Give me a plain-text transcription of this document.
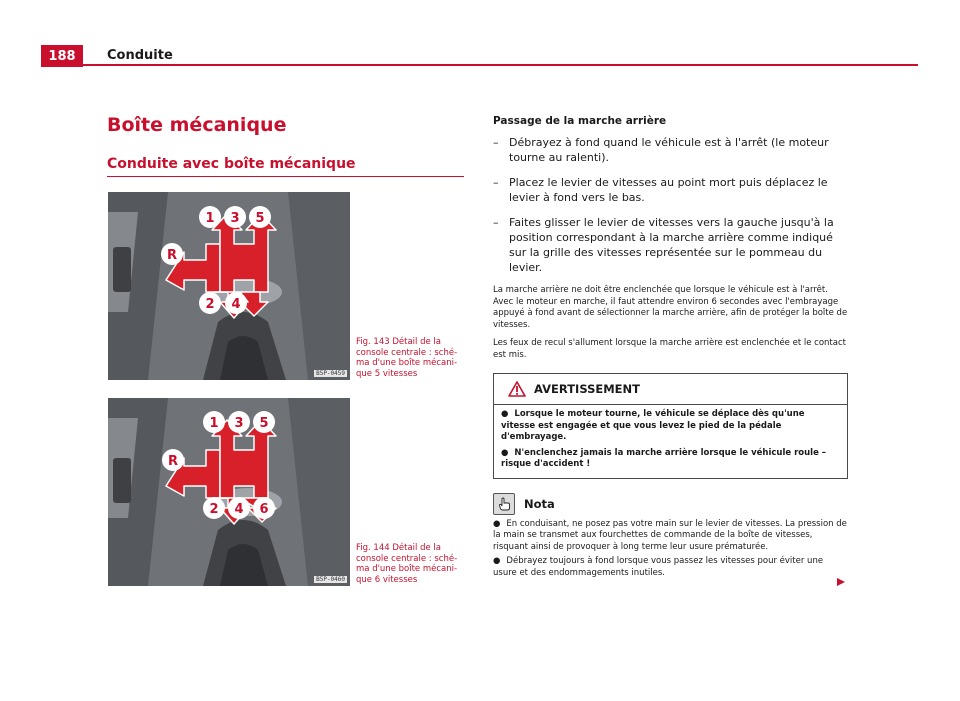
188	Conduite
Boîte mécanique
Conduite avec boîte mécanique
1 3 5
R
2 4
B5P-0459
Fig. 143 Détail de la console centrale : schéma d'une boîte mécanique 5 vitesses
1 3 5
R
2 4 6
B5P-0460
Fig. 144 Détail de la console centrale : schéma d'une boîte mécanique 6 vitesses
Passage de la marche arrière
– Débrayez à fond quand le véhicule est à l'arrêt (le moteur tourne au ralenti).
– Placez le levier de vitesses au point mort puis déplacez le levier à fond vers le bas.
– Faites glisser le levier de vitesses vers la gauche jusqu'à la position correspondant à la marche arrière comme indiqué sur la grille des vitesses représentée sur le pommeau du levier.

La marche arrière ne doit être enclenchée que lorsque le véhicule est à l'arrêt. Avec le moteur en marche, il faut attendre environ 6 secondes avec l'embrayage appuyé à fond avant de sélectionner la marche arrière, afin de protéger la boîte de vitesses.

Les feux de recul s'allument lorsque la marche arrière est enclenchée et le contact est mis.

AVERTISSEMENT

● Lorsque le moteur tourne, le véhicule se déplace dès qu'une vitesse est engagée et que vous levez le pied de la pédale d'embrayage.

● N'enclenchez jamais la marche arrière lorsque le véhicule roule – risque d'accident !

Nota

● En conduisant, ne posez pas votre main sur le levier de vitesses. La pression de la main se transmet aux fourchettes de commande de la boîte de vitesses, risquant ainsi de provoquer à long terme leur usure prématurée.

● Débrayez toujours à fond lorsque vous passez les vitesses pour éviter une usure et des endommagements inutiles.
